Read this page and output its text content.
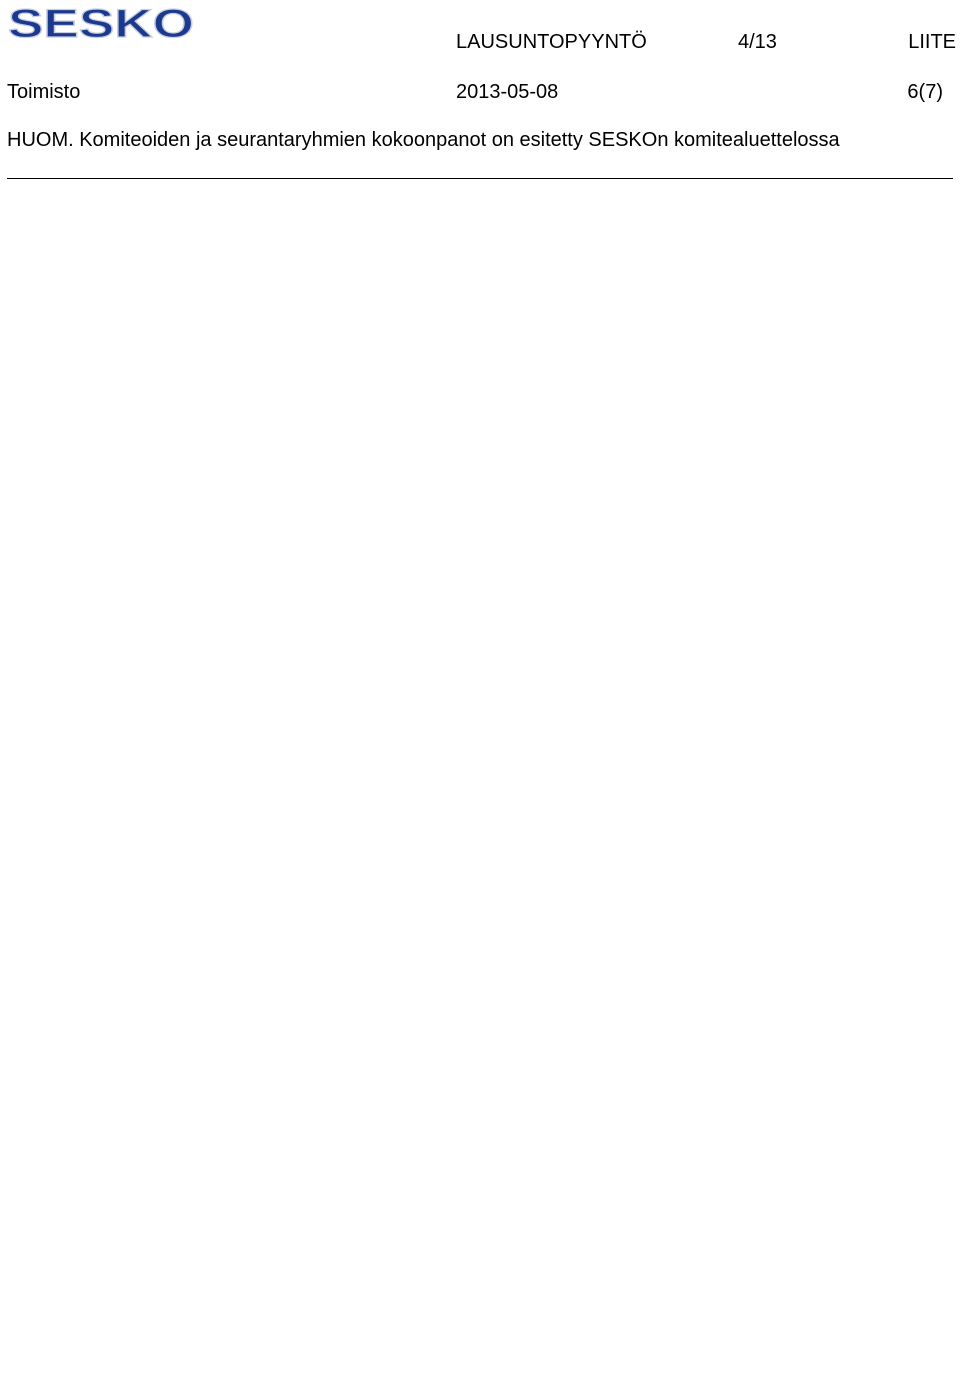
SESKO	LAUSUNTOPYYNTÖ	4/13	LIITE
Toimisto	2013-05-08	6(7)
HUOM. Komiteoiden ja seurantaryhmien kokoonpanot on esitetty SESKOn komitealuettelossa
